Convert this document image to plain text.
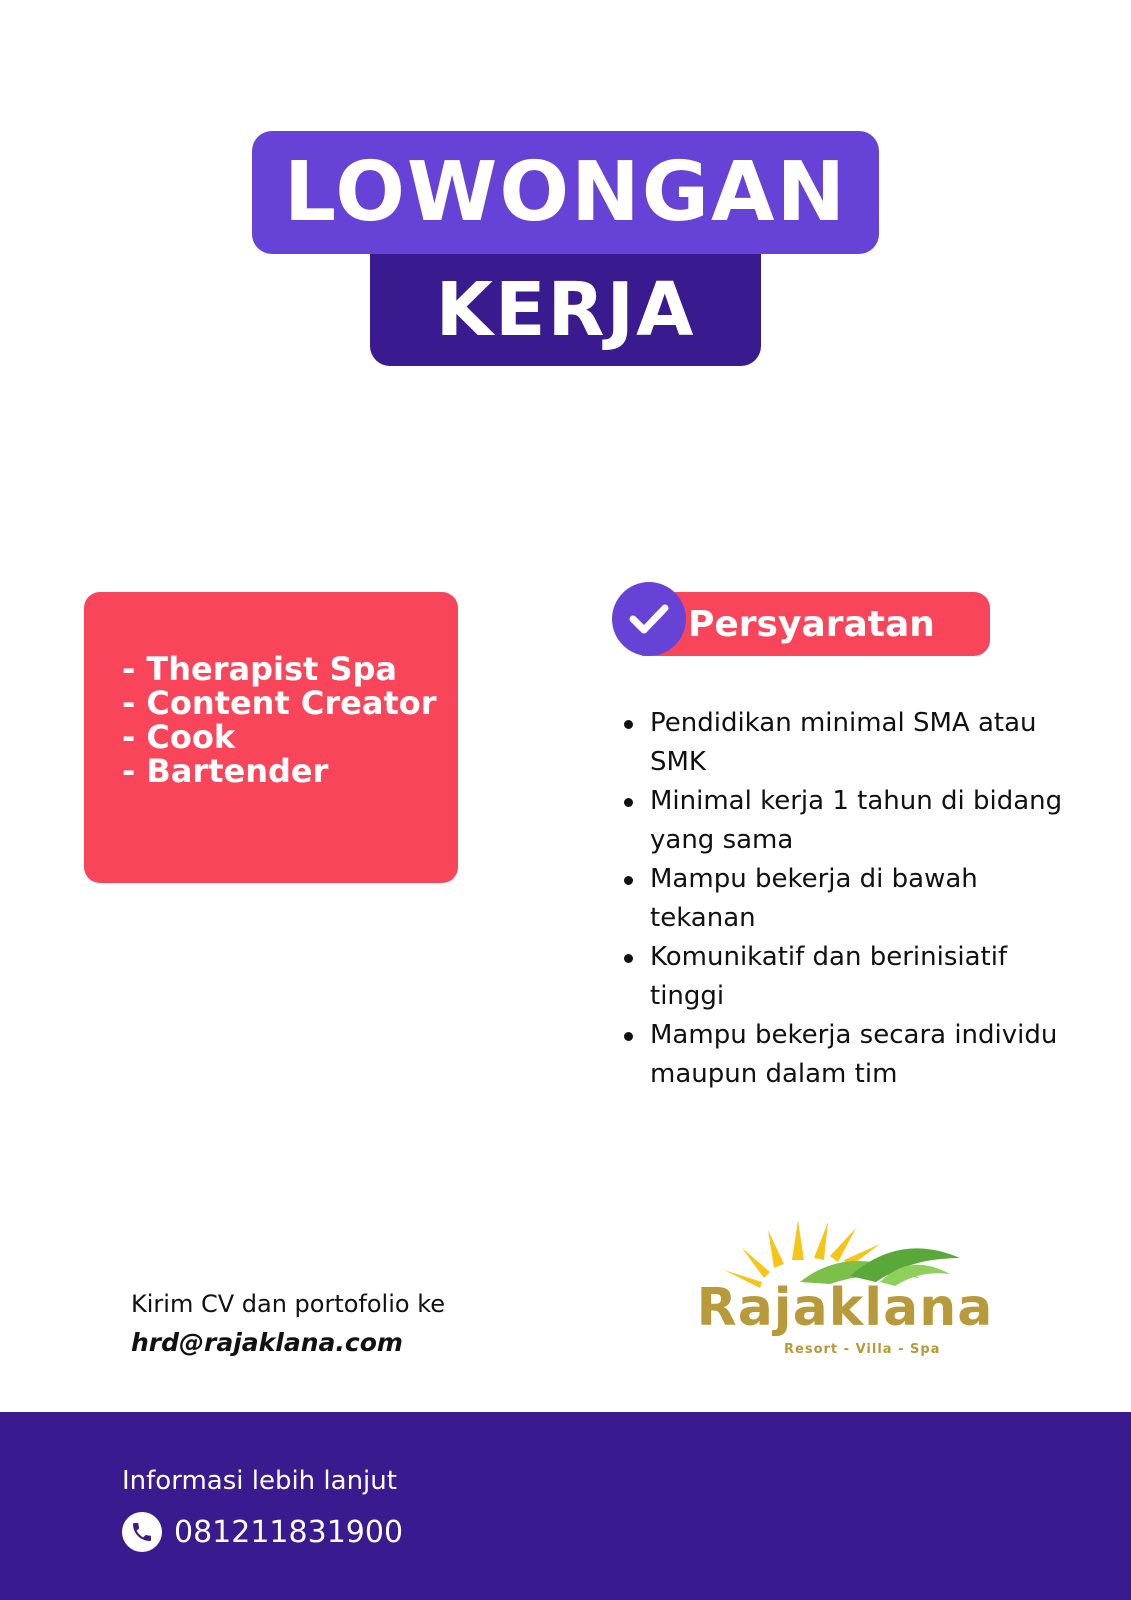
LOWONGAN
KERJA
- Therapist Spa
- Content Creator
- Cook
- Bartender
Persyaratan
Pendidikan minimal SMA atau SMK
Minimal kerja 1 tahun di bidang yang sama
Mampu bekerja di bawah tekanan
Komunikatif dan berinisiatif tinggi
Mampu bekerja secara individu maupun dalam tim
Kirim CV dan portofolio ke
hrd@rajaklana.com
Rajaklana
Resort - Villa - Spa
Informasi lebih lanjut
081211831900
